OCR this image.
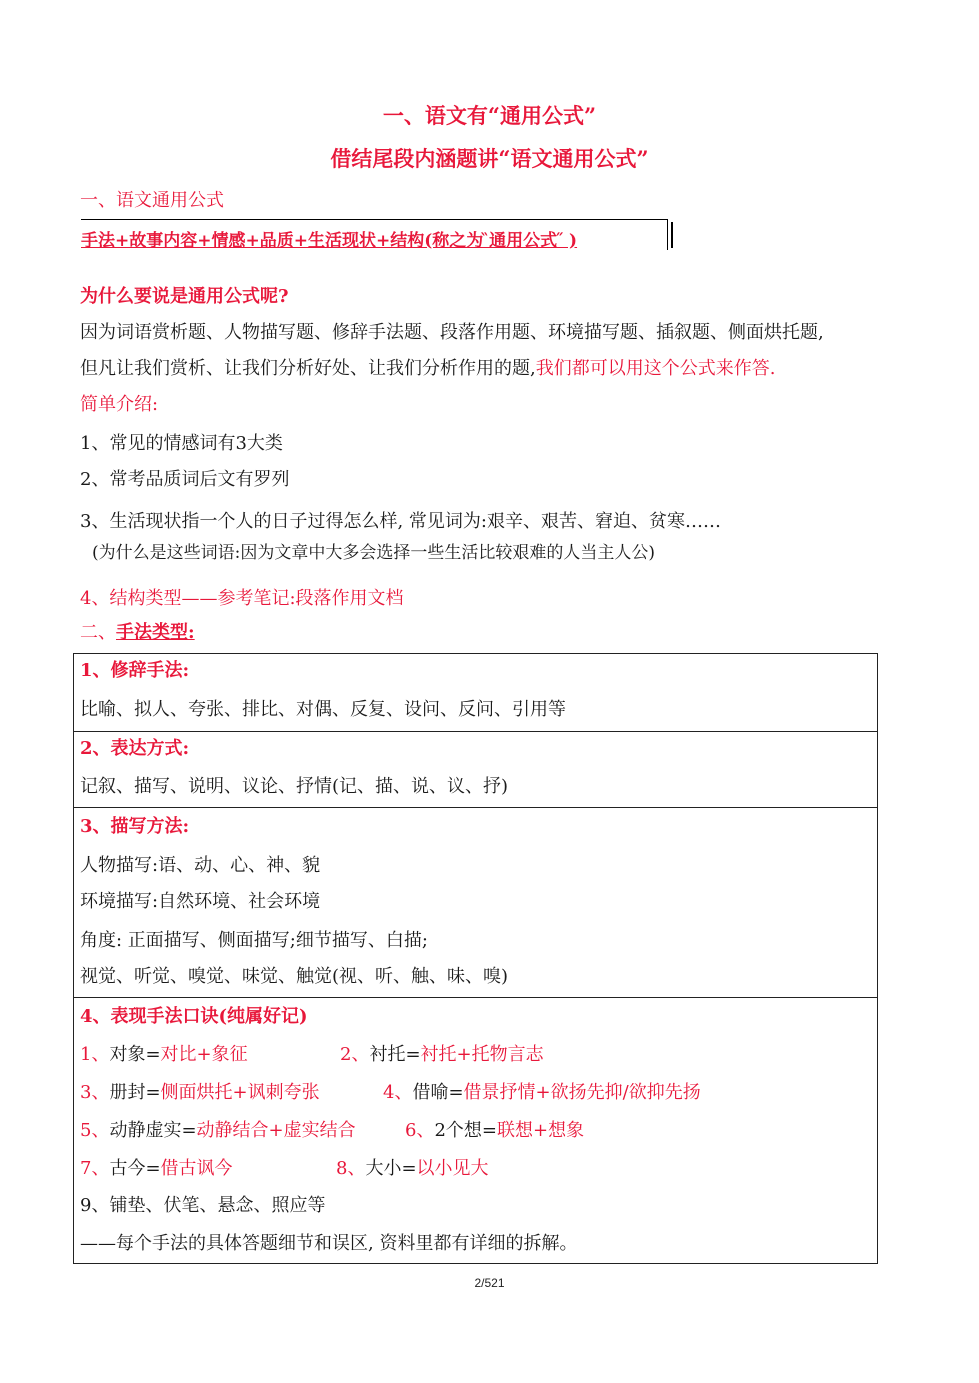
一、语文有“通用公式”
借结尾段内涵题讲“语文通用公式”
一、语文通用公式
手法+故事内容+情感+品质+生活现状+结构(称之为 ̏通用公式 ̋ )
为什么要说是通用公式呢?
因为词语赏析题、人物描写题、修辞手法题、段落作用题、环境描写题、插叙题、侧面烘托题,
但凡让我们赏析、让我们分析好处、让我们分析作用的题,我们都可以用这个公式来作答.
简单介绍:
1、常见的情感词有3大类
2、常考品质词后文有罗列
3、生活现状指一个人的日子过得怎么样, 常见词为:艰辛、艰苦、窘迫、贫寒……
(为什么是这些词语:因为文章中大多会选择一些生活比较艰难的人当主人公)
4、结构类型——参考笔记:段落作用文档
二、手法类型:
1、修辞手法:
比喻、拟人、夸张、排比、对偶、反复、设问、反问、引用等
2、表达方式:
记叙、描写、说明、议论、抒情(记、描、说、议、抒)
3、描写方法:
人物描写:语、动、心、神、貌
环境描写:自然环境、社会环境
角度: 正面描写、侧面描写;细节描写、白描;
视觉、听觉、嗅觉、味觉、触觉(视、听、触、味、嗅)
4、表现手法口诀(纯属好记)
1、对象=对比+象征	2、衬托=衬托+托物言志
3、册封=侧面烘托+讽刺夸张	4、借喻=借景抒情+欲扬先抑/欲抑先扬
5、动静虚实=动静结合+虚实结合	6、2个想=联想+想象
7、古今=借古讽今	8、大小=以小见大
9、铺垫、伏笔、悬念、照应等
——每个手法的具体答题细节和误区, 资料里都有详细的拆解。
2/521
